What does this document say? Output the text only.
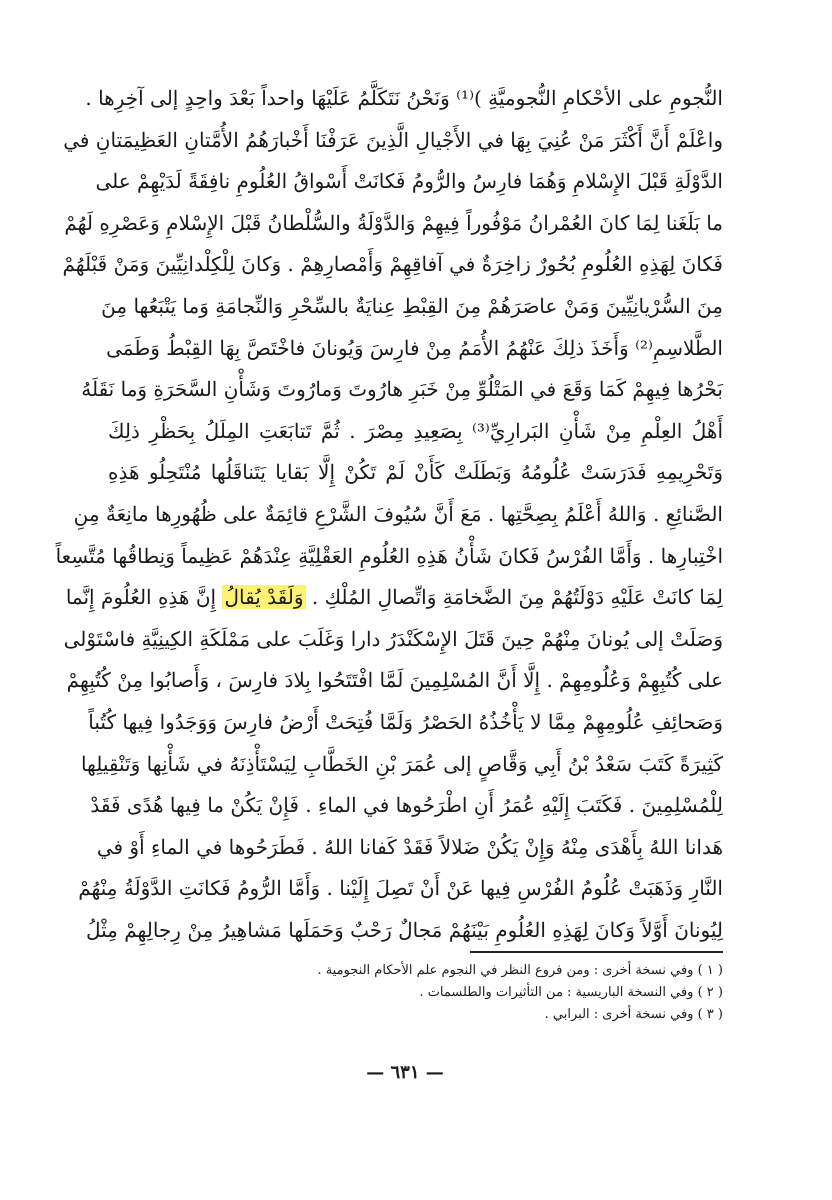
النُّجومِ على الأحْكامِ النُّجوميَّةِ )⁽¹⁾ وَنَحْنُ نَتَكَلَّمُ عَلَيْهَا واحداً بَعْدَ واحِدٍ إلى آخِرِها .
واعْلَمْ أَنَّ أَكْثَرَ مَنْ عُنِيَ بِهَا في الأَجْيالِ الَّذِينَ عَرَفْنَا أَخْبارَهُمُ الأُمَّتانِ العَظِيمَتانِ في
الدَّوْلَةِ قَبْلَ الإِسْلامِ وَهُمَا فارِسُ والرُّومُ فَكانَتْ أَسْواقُ العُلُومِ نافِقَةً لَدَيْهِمْ على
ما بَلَغَنا لِمَا كانَ العُمْرانُ مَوْفُوراً فِيهِمْ وَالدَّوْلَةُ والسُّلْطانُ قَبْلَ الإِسْلامِ وَعَصْرِهِ لَهُمْ
فَكانَ لِهَذِهِ العُلُومِ بُحُورٌ زاخِرَةٌ في آفاقِهِمْ وَأَمْصارِهِمْ . وَكانَ لِلْكِلْدانِيِّينَ وَمَنْ قَبْلَهُمْ
مِنَ السُّرْيانِيِّينَ وَمَنْ عاصَرَهُمْ مِنَ القِبْطِ عِنايَةٌ بالسِّحْرِ وَالنِّجامَةِ وَما يَتْبَعُها مِنَ
الطَّلاسِمِ⁽²⁾ وَأَخَذَ ذلِكَ عَنْهُمُ الأُمَمُ مِنْ فارِسَ وَيُونانَ فاخْتَصَّ بِهَا القِبْطُ وَطَمَى
بَحْرُها فِيهِمْ كَمَا وَقَعَ في المَتْلُوِّ مِنْ خَبَرِ هارُوتَ وَمارُوتَ وَشَأْنِ السَّحَرَةِ وَما نَقَلَهُ
أَهْلُ العِلْمِ مِنْ شَأْنِ البَرارِيِّ⁽³⁾ بِصَعِيدِ مِصْرَ . ثُمَّ تَتابَعَتِ المِلَلُ بِحَظْرِ ذلِكَ
وَتَحْرِيمِهِ فَدَرَسَتْ عُلُومُهُ وَبَطَلَتْ كَأَنْ لَمْ تَكُنْ إِلَّا بَقايا يَتَناقَلُها مُنْتَحِلُو هَذِهِ
الصَّنائِعِ . وَاللهُ أَعْلَمُ بِصِحَّتِها . مَعَ أَنَّ سُيُوفَ الشَّرْعِ قائِمَةٌ على ظُهُورِها مانِعَةٌ مِنِ
اخْتِبارِها . وَأَمَّا الفُرْسُ فَكانَ شَأْنُ هَذِهِ العُلُومِ العَقْلِيَّةِ عِنْدَهُمْ عَظِيماً وَنِطاقُها مُتَّسِعاً
لِمَا كانَتْ عَلَيْهِ دَوْلَتُهُمْ مِنَ الضَّخامَةِ وَاتِّصالِ المُلْكِ . وَلَقَدْ يُقالُ إِنَّ هَذِهِ العُلُومَ إِنَّما
وَصَلَتْ إلى يُونانَ مِنْهُمْ حِينَ قَتَلَ الإِسْكَنْدَرُ دارا وَغَلَبَ على مَمْلَكَةِ الكِينِيَّةِ فاسْتَوْلى
على كُتُبِهِمْ وَعُلُومِهِمْ . إِلَّا أَنَّ المُسْلِمِينَ لَمَّا افْتَتَحُوا بِلادَ فارِسَ ، وَأَصابُوا مِنْ كُتُبِهِمْ
وَصَحائِفِ عُلُومِهِمْ مِمَّا لا يَأْخُذُهُ الحَصْرُ وَلَمَّا فُتِحَتْ أَرْضُ فارِسَ وَوَجَدُوا فِيها كُتُباً
كَثِيرَةً كَتَبَ سَعْدُ بْنُ أَبِي وَقَّاصٍ إلى عُمَرَ بْنِ الخَطَّابِ لِيَسْتَأْذِنَهُ في شَأْنِها وَتَنْقِيلِها
لِلْمُسْلِمِينَ . فَكَتَبَ إِلَيْهِ عُمَرُ أَنِ اطْرَحُوها في الماءِ . فَإِنْ يَكُنْ ما فِيها هُدًى فَقَدْ
هَدانا اللهُ بِأَهْدَى مِنْهُ وَإِنْ يَكُنْ ضَلالاً فَقَدْ كَفانا اللهُ . فَطَرَحُوها في الماءِ أَوْ في
النَّارِ وَذَهَبَتْ عُلُومُ الفُرْسِ فِيها عَنْ أَنْ تَصِلَ إِلَيْنا . وَأَمَّا الرُّومُ فَكانَتِ الدَّوْلَةُ مِنْهُمْ
لِيُونانَ أَوَّلاً وَكانَ لِهَذِهِ العُلُومِ بَيْنَهُمْ مَجالٌ رَحْبٌ وَحَمَلَها مَشاهِيرُ مِنْ رِجالِهِمْ مِثْلُ
( ١ ) وفي نسخة أخرى : ومن فروع النظر في النجوم علم الأحكام النجومية .
( ٢ ) وفي النسخة الباريسية : من التأثيرات والطلسمات .
( ٣ ) وفي نسخة أخرى : البرابي .
— ٦٣١ —
